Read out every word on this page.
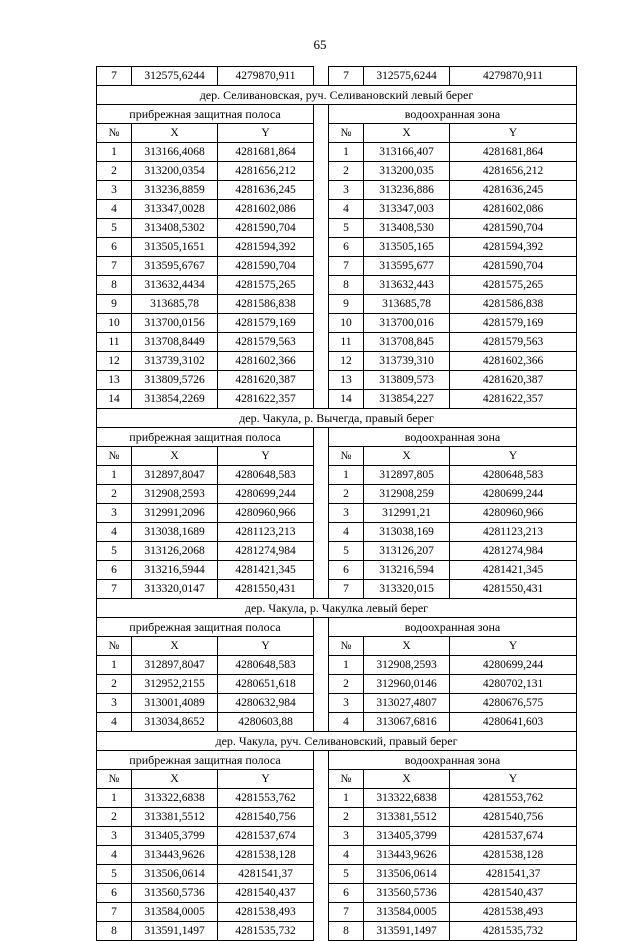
65
7	312575,6244	4279870,911		7	312575,6244	4279870,911
дер. Селивановская, руч. Селивановский левый берег						
прибрежная защитная полоса				водоохранная зона		
№	X	Y		№	X	Y
1	313166,4068	4281681,864		1	313166,407	4281681,864
2	313200,0354	4281656,212		2	313200,035	4281656,212
3	313236,8859	4281636,245		3	313236,886	4281636,245
4	313347,0028	4281602,086		4	313347,003	4281602,086
5	313408,5302	4281590,704		5	313408,530	4281590,704
6	313505,1651	4281594,392		6	313505,165	4281594,392
7	313595,6767	4281590,704		7	313595,677	4281590,704
8	313632,4434	4281575,265		8	313632,443	4281575,265
9	313685,78	4281586,838		9	313685,78	4281586,838
10	313700,0156	4281579,169		10	313700,016	4281579,169
11	313708,8449	4281579,563		11	313708,845	4281579,563
12	313739,3102	4281602,366		12	313739,310	4281602,366
13	313809,5726	4281620,387		13	313809,573	4281620,387
14	313854,2269	4281622,357		14	313854,227	4281622,357
дер. Чакула, р. Вычегда, правый берег						
прибрежная защитная полоса				водоохранная зона		
№	X	Y		№	X	Y
1	312897,8047	4280648,583		1	312897,805	4280648,583
2	312908,2593	4280699,244		2	312908,259	4280699,244
3	312991,2096	4280960,966		3	312991,21	4280960,966
4	313038,1689	4281123,213		4	313038,169	4281123,213
5	313126,2068	4281274,984		5	313126,207	4281274,984
6	313216,5944	4281421,345		6	313216,594	4281421,345
7	313320,0147	4281550,431		7	313320,015	4281550,431
дер. Чакула, р. Чакулка левый берег						
прибрежная защитная полоса				водоохранная зона		
№	X	Y		№	X	Y
1	312897,8047	4280648,583		1	312908,2593	4280699,244
2	312952,2155	4280651,618		2	312960,0146	4280702,131
3	313001,4089	4280632,984		3	313027,4807	4280676,575
4	313034,8652	4280603,88		4	313067,6816	4280641,603
дер. Чакула, руч. Селивановский, правый берег						
прибрежная защитная полоса				водоохранная зона		
№	X	Y		№	X	Y
1	313322,6838	4281553,762		1	313322,6838	4281553,762
2	313381,5512	4281540,756		2	313381,5512	4281540,756
3	313405,3799	4281537,674		3	313405,3799	4281537,674
4	313443,9626	4281538,128		4	313443,9626	4281538,128
5	313506,0614	4281541,37		5	313506,0614	4281541,37
6	313560,5736	4281540,437		6	313560,5736	4281540,437
7	313584,0005	4281538,493		7	313584,0005	4281538,493
8	313591,1497	4281535,732		8	313591,1497	4281535,732
